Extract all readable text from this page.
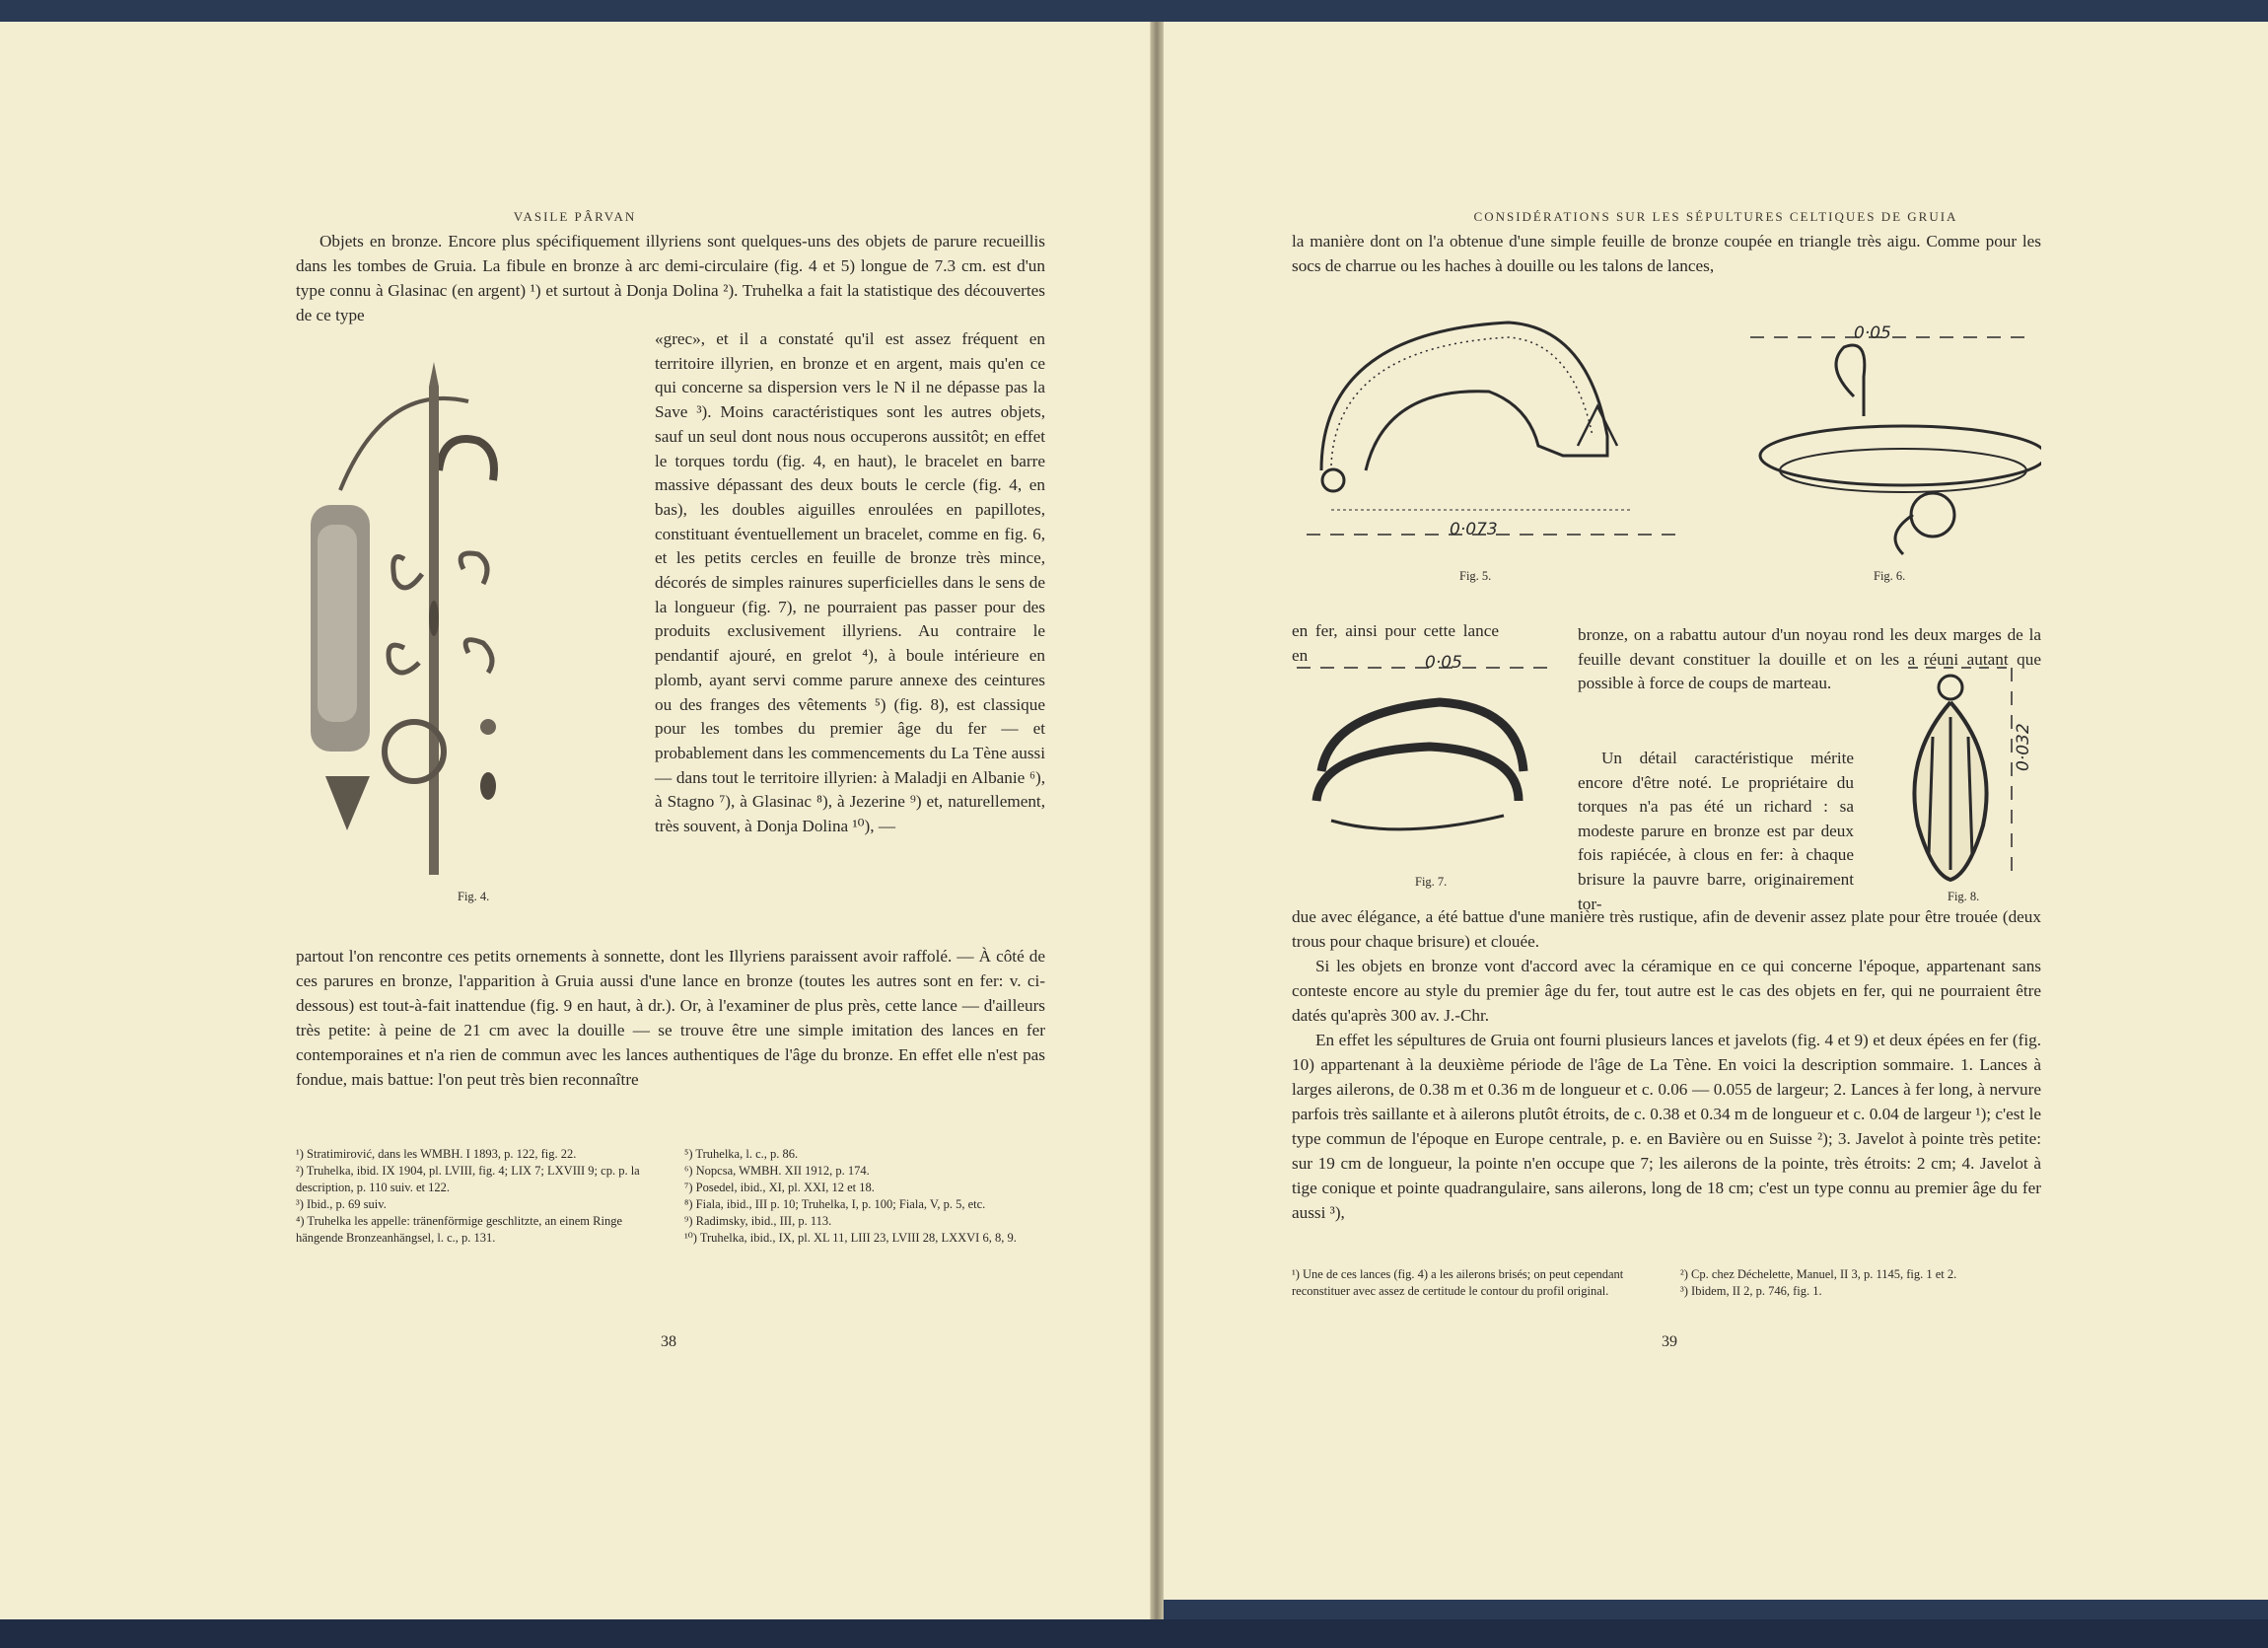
VASILE PÂRVAN

Objets en bronze. Encore plus spécifiquement illyriens sont quelques-uns des objets de parure recueillis dans les tombes de Gruia. La fibule en bronze à arc demi-circulaire (fig. 4 et 5) longue de 7.3 cm. est d'un type connu à Glasinac (en argent) ¹) et surtout à Donja Dolina ²). Truhelka a fait la statistique des découvertes de ce type

Fig. 4.

«grec», et il a constaté qu'il est assez fréquent en territoire illyrien, en bronze et en argent, mais qu'en ce qui concerne sa dispersion vers le N il ne dépasse pas la Save ³). Moins caractéristiques sont les autres objets, sauf un seul dont nous nous occuperons aussitôt; en effet le torques tordu (fig. 4, en haut), le bracelet en barre massive dépassant des deux bouts le cercle (fig. 4, en bas), les doubles aiguilles enroulées en papillotes, constituant éventuellement un bracelet, comme en fig. 6, et les petits cercles en feuille de bronze très mince, décorés de simples rainures superficielles dans le sens de la longueur (fig. 7), ne pourraient pas passer pour des produits exclusivement illyriens. Au contraire le pendantif ajouré, en grelot ⁴), à boule intérieure en plomb, ayant servi comme parure annexe des ceintures ou des franges des vêtements ⁵) (fig. 8), est classique pour les tombes du premier âge du fer — et probablement dans les commencements du La Tène aussi — dans tout le territoire illyrien: à Maladji en Albanie ⁶), à Stagno ⁷), à Glasinac ⁸), à Jezerine ⁹) et, naturellement, très souvent, à Donja Dolina ¹⁰), —

partout l'on rencontre ces petits ornements à sonnette, dont les Illyriens paraissent avoir raffolé. — À côté de ces parures en bronze, l'apparition à Gruia aussi d'une lance en bronze (toutes les autres sont en fer: v. ci-dessous) est tout-à-fait inattendue (fig. 9 en haut, à dr.). Or, à l'examiner de plus près, cette lance — d'ailleurs très petite: à peine de 21 cm avec la douille — se trouve être une simple imitation des lances en fer contemporaines et n'a rien de commun avec les lances authentiques de l'âge du bronze. En effet elle n'est pas fondue, mais battue: l'on peut très bien reconnaître

¹) Stratimirović, dans les WMBH. I 1893, p. 122, fig. 22.
²) Truhelka, ibid. IX 1904, pl. LVIII, fig. 4; LIX 7; LXVIII 9; cp. p. la description, p. 110 suiv. et 122.
³) Ibid., p. 69 suiv.
⁴) Truhelka les appelle: tränenförmige geschlitzte, an einem Ringe hängende Bronzeanhängsel, l. c., p. 131.
⁵) Truhelka, l. c., p. 86.
⁶) Nopcsa, WMBH. XII 1912, p. 174.
⁷) Posedel, ibid., XI, pl. XXI, 12 et 18.
⁸) Fiala, ibid., III p. 10; Truhelka, I, p. 100; Fiala, V, p. 5, etc.
⁹) Radimsky, ibid., III, p. 113.
¹⁰) Truhelka, ibid., IX, pl. XL 11, LIII 23, LVIII 28, LXXVI 6, 8, 9.
38
CONSIDÉRATIONS SUR LES SÉPULTURES CELTIQUES DE GRUIA

la manière dont on l'a obtenue d'une simple feuille de bronze coupée en triangle très aigu. Comme pour les socs de charrue ou les haches à douille ou les talons de lances,

0·073
Fig. 5.
0·05
Fig. 6.

en fer, ainsi pour cette lance en	0·05
Fig. 7.
bronze, on a rabattu autour d'un noyau rond les deux marges de la feuille devant constituer la douille et on les a réuni autant que possible à force de coups de marteau.
Un détail caractéristique mérite encore d'être noté. Le propriétaire du torques n'a pas été un richard : sa modeste parure en bronze est par deux fois rapiécée, à clous en fer: à chaque brisure la pauvre barre, originairement tor-
0·032
Fig. 8.

due avec élégance, a été battue d'une manière très rustique, afin de devenir assez plate pour être trouée (deux trous pour chaque brisure) et clouée.

Si les objets en bronze vont d'accord avec la céramique en ce qui concerne l'époque, appartenant sans conteste encore au style du premier âge du fer, tout autre est le cas des objets en fer, qui ne pourraient être datés qu'après 300 av. J.-Chr.

En effet les sépultures de Gruia ont fourni plusieurs lances et javelots (fig. 4 et 9) et deux épées en fer (fig. 10) appartenant à la deuxième période de l'âge de La Tène. En voici la description sommaire. 1. Lances à larges ailerons, de 0.38 m et 0.36 m de longueur et c. 0.06 — 0.055 de largeur; 2. Lances à fer long, à nervure parfois très saillante et à ailerons plutôt étroits, de c. 0.38 et 0.34 m de longueur et c. 0.04 de largeur ¹); c'est le type commun de l'époque en Europe centrale, p. e. en Bavière ou en Suisse ²); 3. Javelot à pointe très petite: sur 19 cm de longueur, la pointe n'en occupe que 7; les ailerons de la pointe, très étroits: 2 cm; 4. Javelot à tige conique et pointe quadrangulaire, sans ailerons, long de 18 cm; c'est un type connu au premier âge du fer aussi ³),

¹) Une de ces lances (fig. 4) a les ailerons brisés; on peut cependant reconstituer avec assez de certitude le contour du profil original.
²) Cp. chez Déchelette, Manuel, II 3, p. 1145, fig. 1 et 2.
³) Ibidem, II 2, p. 746, fig. 1.
39
